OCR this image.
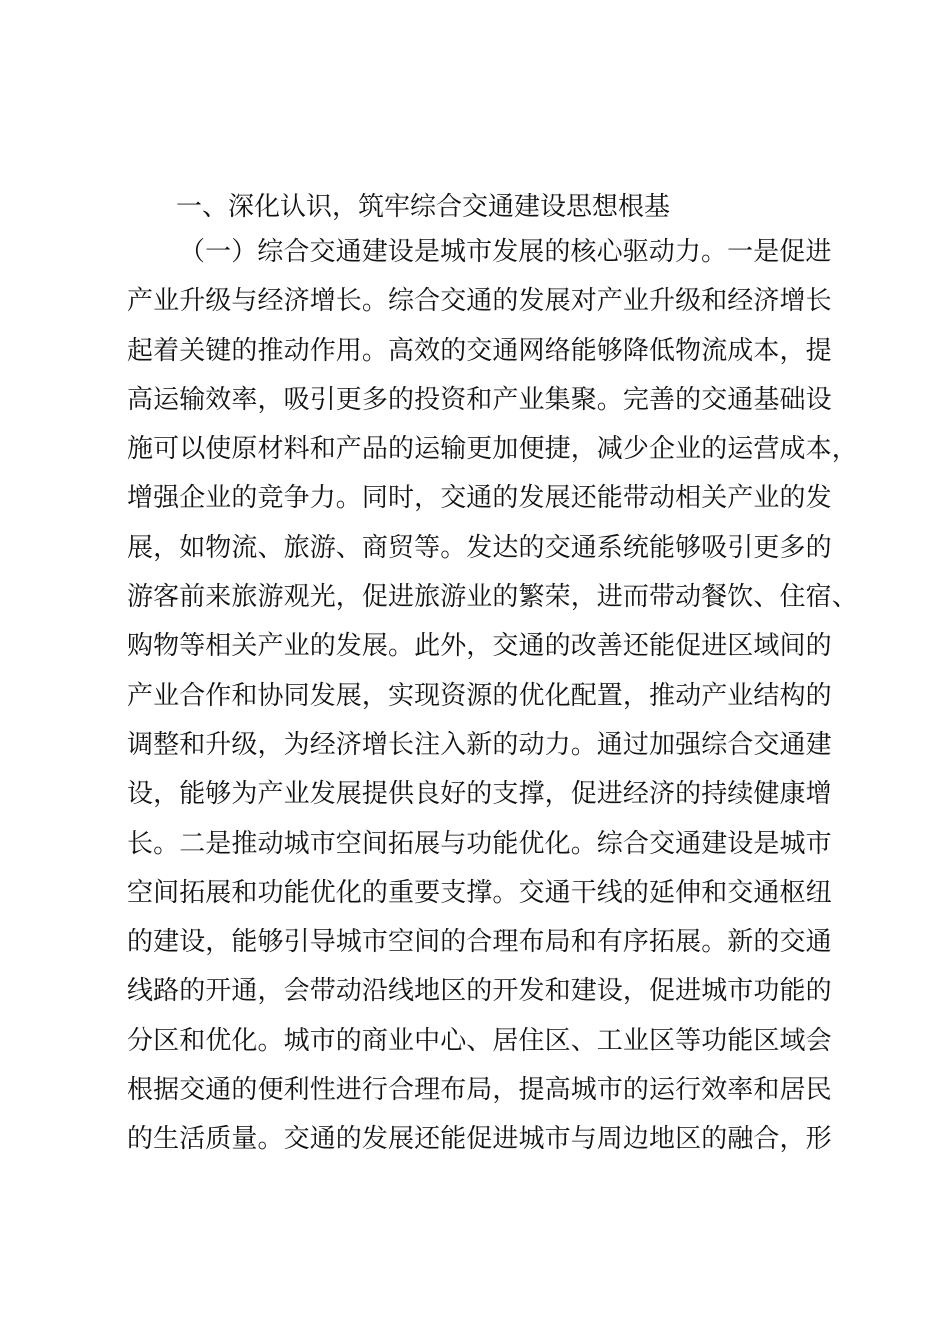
一、深化认识，筑牢综合交通建设思想根基
（一）综合交通建设是城市发展的核心驱动力。一是促进
产业升级与经济增长。综合交通的发展对产业升级和经济增长
起着关键的推动作用。高效的交通网络能够降低物流成本，提
高运输效率，吸引更多的投资和产业集聚。完善的交通基础设
施可以使原材料和产品的运输更加便捷，减少企业的运营成本，
增强企业的竞争力。同时，交通的发展还能带动相关产业的发
展，如物流、旅游、商贸等。发达的交通系统能够吸引更多的
游客前来旅游观光，促进旅游业的繁荣，进而带动餐饮、住宿、
购物等相关产业的发展。此外，交通的改善还能促进区域间的
产业合作和协同发展，实现资源的优化配置，推动产业结构的
调整和升级，为经济增长注入新的动力。通过加强综合交通建
设，能够为产业发展提供良好的支撑，促进经济的持续健康增
长。二是推动城市空间拓展与功能优化。综合交通建设是城市
空间拓展和功能优化的重要支撑。交通干线的延伸和交通枢纽
的建设，能够引导城市空间的合理布局和有序拓展。新的交通
线路的开通，会带动沿线地区的开发和建设，促进城市功能的
分区和优化。城市的商业中心、居住区、工业区等功能区域会
根据交通的便利性进行合理布局，提高城市的运行效率和居民
的生活质量。交通的发展还能促进城市与周边地区的融合，形
